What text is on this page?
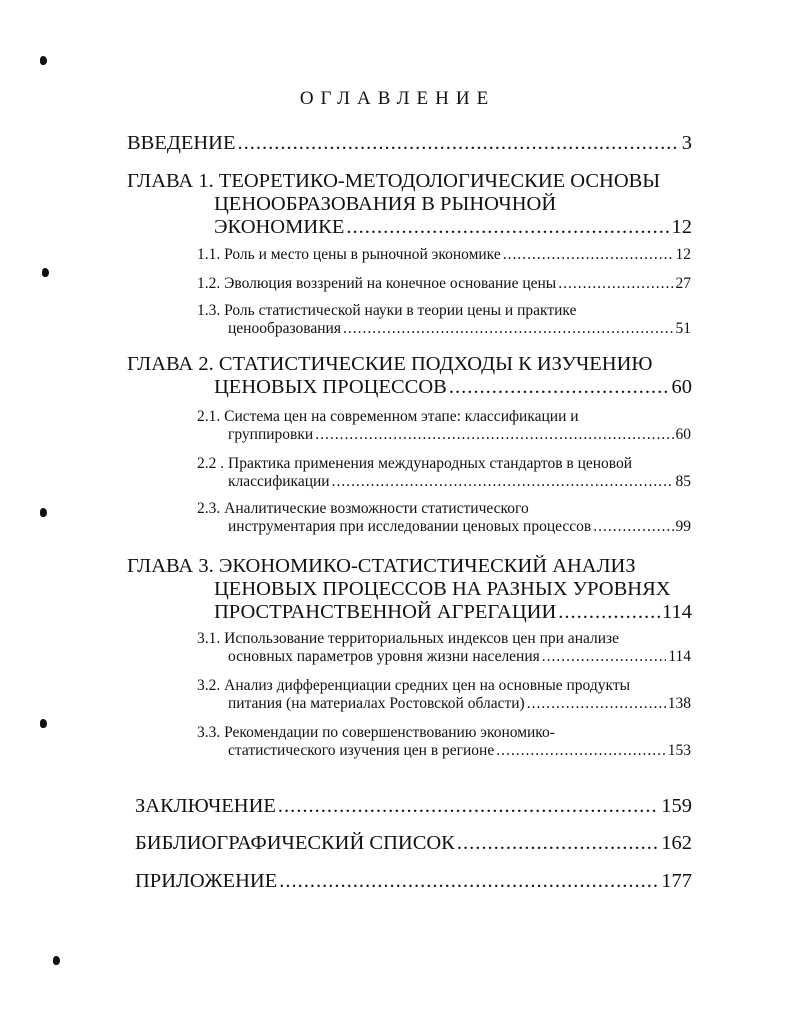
ОГЛАВЛЕНИЕ
ВВЕДЕНИЕ .....	3
ГЛАВА 1. ТЕОРЕТИКО-МЕТОДОЛОГИЧЕСКИЕ ОСНОВЫ
ЦЕНООБРАЗОВАНИЯ В РЫНОЧНОЙ
ЭКОНОМИКЕ .....	12
1.1. Роль и место цены в рыночной экономике .....	12
1.2. Эволюция воззрений на конечное основание цены .....	27
1.3. Роль статистической науки в теории цены и практике
ценообразования .....	51
ГЛАВА 2. СТАТИСТИЧЕСКИЕ ПОДХОДЫ К ИЗУЧЕНИЮ
ЦЕНОВЫХ ПРОЦЕССОВ .....	60
2.1. Система цен на современном этапе: классификации и
группировки .....	60
2.2 . Практика применения международных стандартов в ценовой
классификации .....	85
2.3. Аналитические возможности статистического
инструментария при исследовании ценовых процессов .....	99
ГЛАВА 3. ЭКОНОМИКО-СТАТИСТИЧЕСКИЙ АНАЛИЗ
ЦЕНОВЫХ ПРОЦЕССОВ НА РАЗНЫХ УРОВНЯХ
ПРОСТРАНСТВЕННОЙ АГРЕГАЦИИ .....	114
3.1. Использование территориальных индексов цен при анализе
основных параметров уровня жизни населения .....	114
3.2. Анализ дифференциации средних цен на основные продукты
питания (на материалах Ростовской области) .....	138
3.3. Рекомендации по совершенствованию экономико-
статистического изучения цен в регионе .....	153
ЗАКЛЮЧЕНИЕ .....	159
БИБЛИОГРАФИЧЕСКИЙ СПИСОК .....	162
ПРИЛОЖЕНИЕ .....	177
